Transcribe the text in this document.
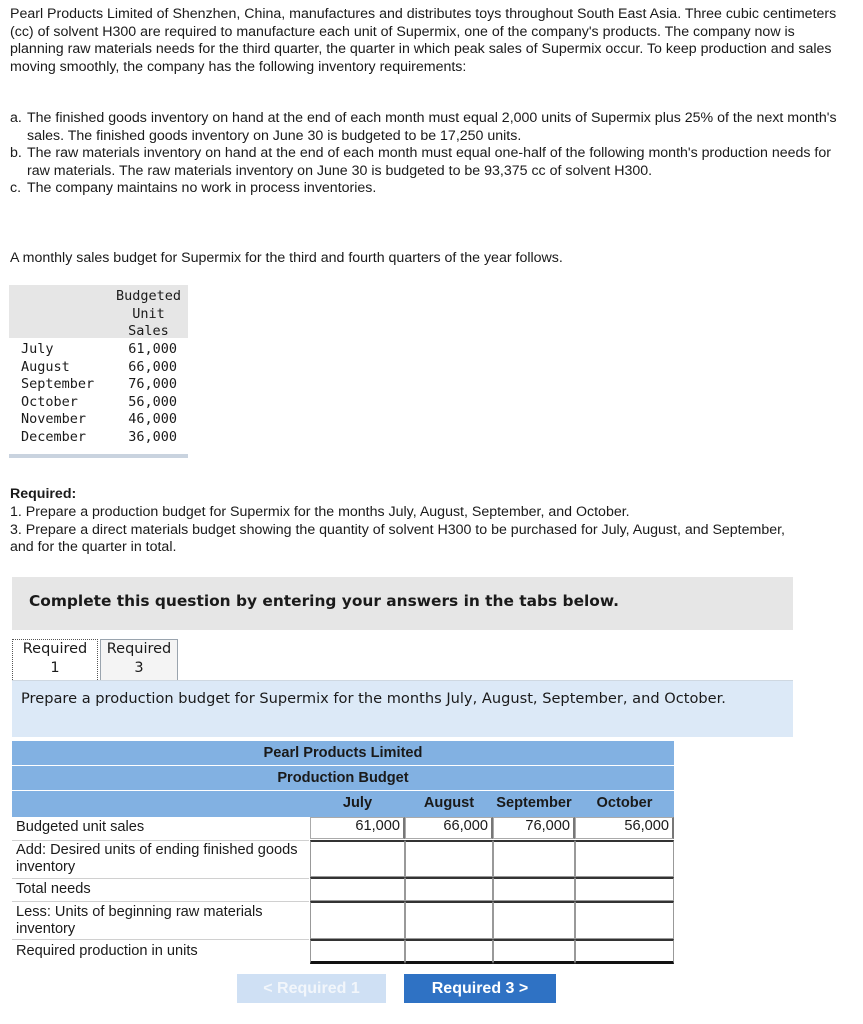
Pearl Products Limited of Shenzhen, China, manufactures and distributes toys throughout South East Asia. Three cubic centimeters (cc) of solvent H300 are required to manufacture each unit of Supermix, one of the company's products. The company now is planning raw materials needs for the third quarter, the quarter in which peak sales of Supermix occur. To keep production and sales moving smoothly, the company has the following inventory requirements:
a. The finished goods inventory on hand at the end of each month must equal 2,000 units of Supermix plus 25% of the next month's sales. The finished goods inventory on June 30 is budgeted to be 17,250 units.
b. The raw materials inventory on hand at the end of each month must equal one-half of the following month's production needs for raw materials. The raw materials inventory on June 30 is budgeted to be 93,375 cc of solvent H300.
c. The company maintains no work in process inventories.
A monthly sales budget for Supermix for the third and fourth quarters of the year follows.
Budgeted
Unit
Sales
July	61,000
August	66,000
September	76,000
October	56,000
November	46,000
December	36,000
Required:
1. Prepare a production budget for Supermix for the months July, August, September, and October.
3. Prepare a direct materials budget showing the quantity of solvent H300 to be purchased for July, August, and September, and for the quarter in total.
Complete this question by entering your answers in the tabs below.
Required
1
Required
3
Prepare a production budget for Supermix for the months July, August, September, and October.
Pearl Products Limited
Production Budget
July	August	September	October
Budgeted unit sales	61,000	66,000	76,000	56,000
Add: Desired units of ending finished goods inventory
Total needs
Less: Units of beginning raw materials inventory
Required production in units
< Required 1	Required 3 >
